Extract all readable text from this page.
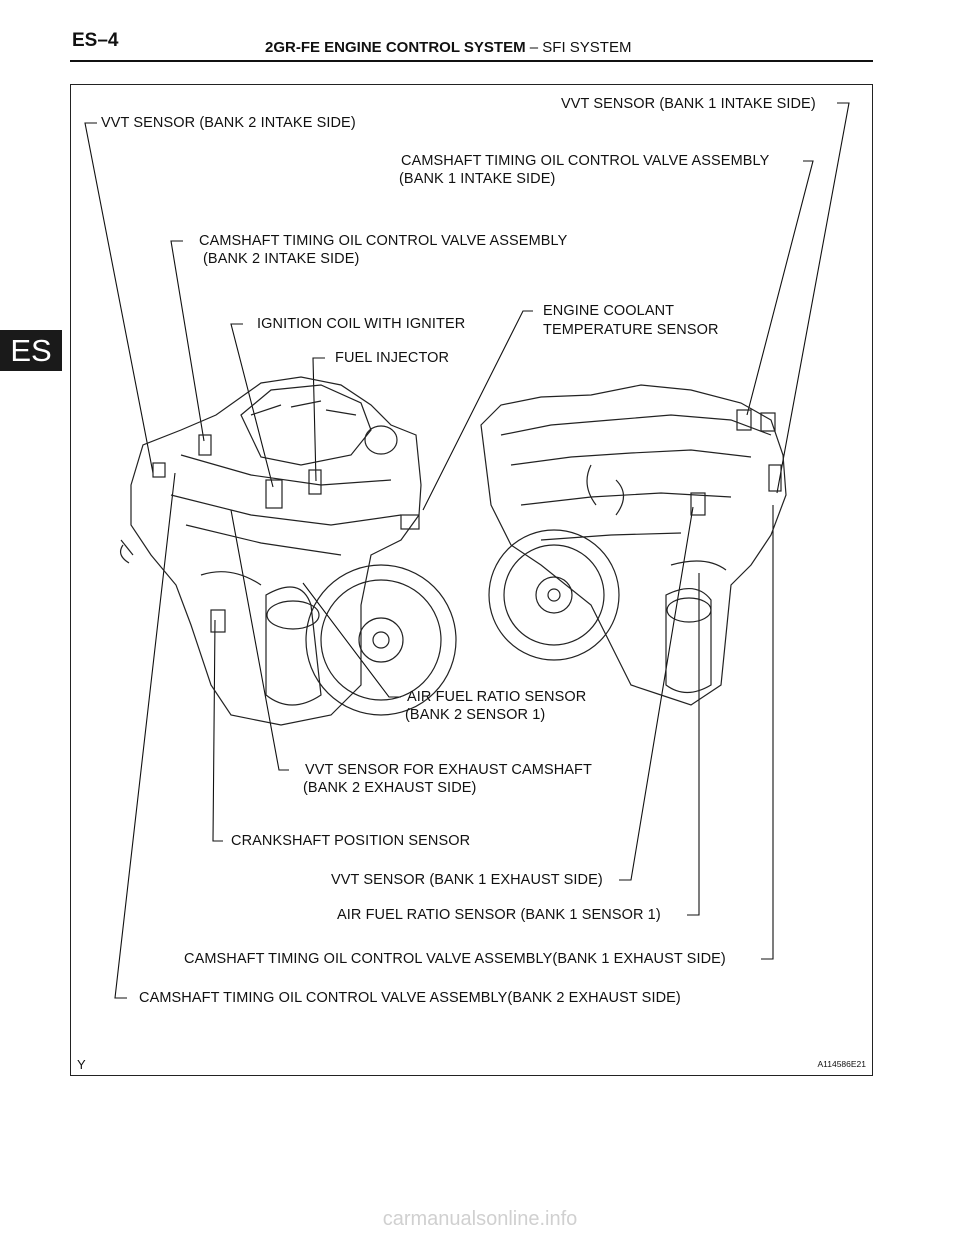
ES–4	2GR-FE ENGINE CONTROL SYSTEM – SFI SYSTEM
ES
VVT SENSOR (BANK 2 INTAKE SIDE)
VVT SENSOR (BANK 1 INTAKE SIDE)
CAMSHAFT TIMING OIL CONTROL VALVE ASSEMBLY
(BANK 1 INTAKE SIDE)
CAMSHAFT TIMING OIL CONTROL VALVE ASSEMBLY
(BANK 2 INTAKE SIDE)
IGNITION COIL WITH IGNITER
ENGINE COOLANT
TEMPERATURE SENSOR
FUEL INJECTOR
AIR FUEL RATIO SENSOR
(BANK 2 SENSOR 1)
VVT SENSOR FOR EXHAUST CAMSHAFT
(BANK 2 EXHAUST SIDE)
CRANKSHAFT POSITION SENSOR
VVT SENSOR (BANK 1 EXHAUST SIDE)
AIR FUEL RATIO SENSOR (BANK 1 SENSOR 1)
CAMSHAFT TIMING OIL CONTROL VALVE ASSEMBLY(BANK 1 EXHAUST SIDE)
CAMSHAFT TIMING OIL CONTROL VALVE ASSEMBLY(BANK 2 EXHAUST SIDE)
Y	A114586E21
carmanualsonline.info
